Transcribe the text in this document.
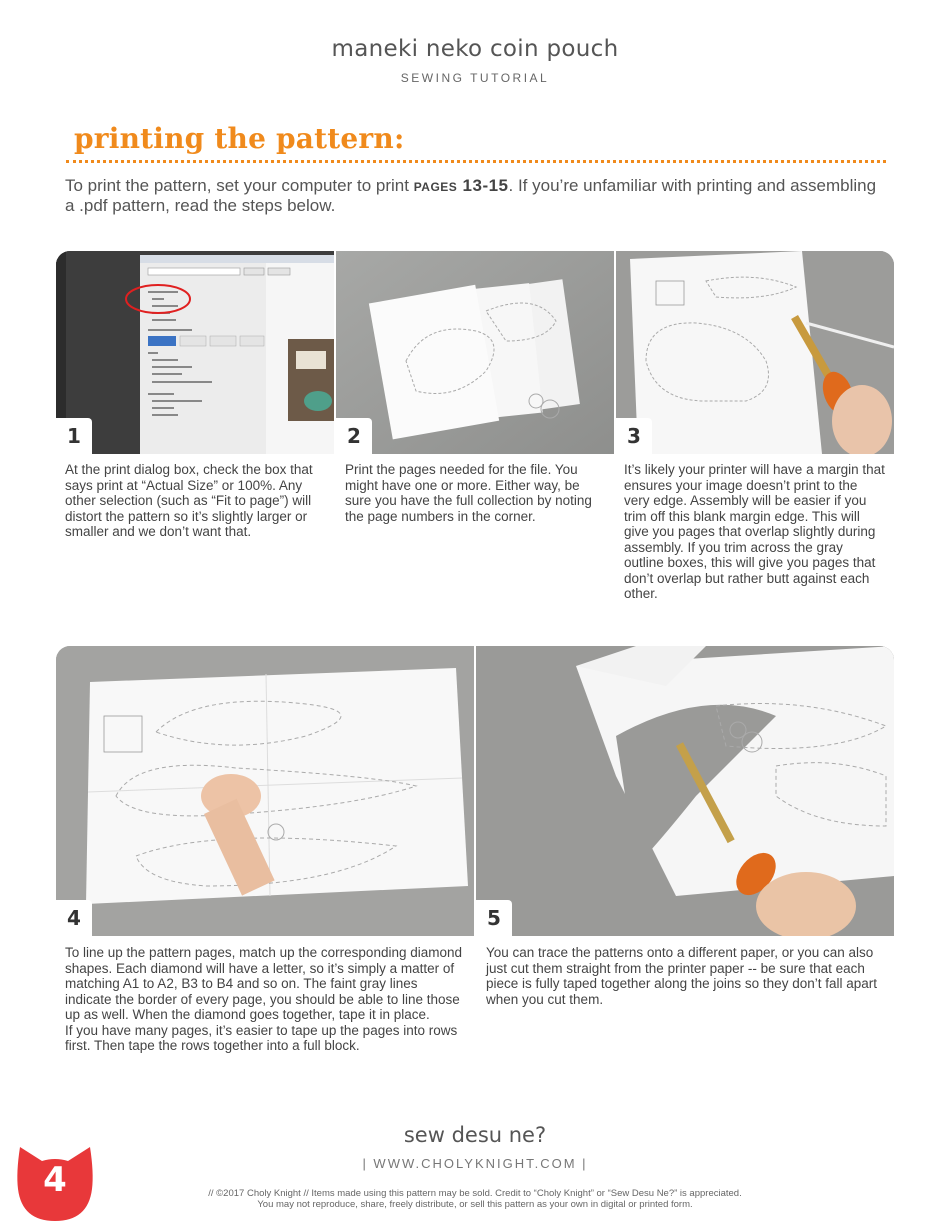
maneki neko coin pouch
SEWING TUTORIAL
printing the pattern:
To print the pattern, set your computer to print pages 13-15. If you’re unfamiliar with printing and assembling a .pdf pattern, read the steps below.
1	2	3

At the print dialog box, check the box that says print at “Actual Size” or 100%. Any other selection (such as “Fit to page”) will distort the pattern so it’s slightly larger or smaller and we don’t want that.

Print the pages needed for the file. You might have one or more. Either way, be sure you have the full collection by noting the page numbers in the corner.

It’s likely your printer will have a margin that ensures your image doesn’t print to the very edge. Assembly will be easier if you trim off this blank margin edge. This will give you pages that overlap slightly during assembly. If you trim across the gray outline boxes, this will give you pages that don’t overlap but rather butt against each other.

4	5

To line up the pattern pages, match up the corresponding diamond shapes. Each diamond will have a letter, so it’s simply a matter of matching A1 to A2, B3 to B4 and so on. The faint gray lines indicate the border of every page, you should be able to line those up as well. When the diamond goes together, tape it in place.

If you have many pages, it’s easier to tape up the pages into rows first. Then tape the rows together into a full block.

You can trace the patterns onto a different paper, or you can also just cut them straight from the printer paper -- be sure that each piece is fully taped together along the joins so they don’t fall apart when you cut them.

sew desu ne?
| WWW.CHOLYKNIGHT.COM |
// ©2017 Choly Knight // Items made using this pattern may be sold. Credit to “Choly Knight” or “Sew Desu Ne?” is appreciated.
You may not reproduce, share, freely distribute, or sell this pattern as your own in digital or printed form.
4
